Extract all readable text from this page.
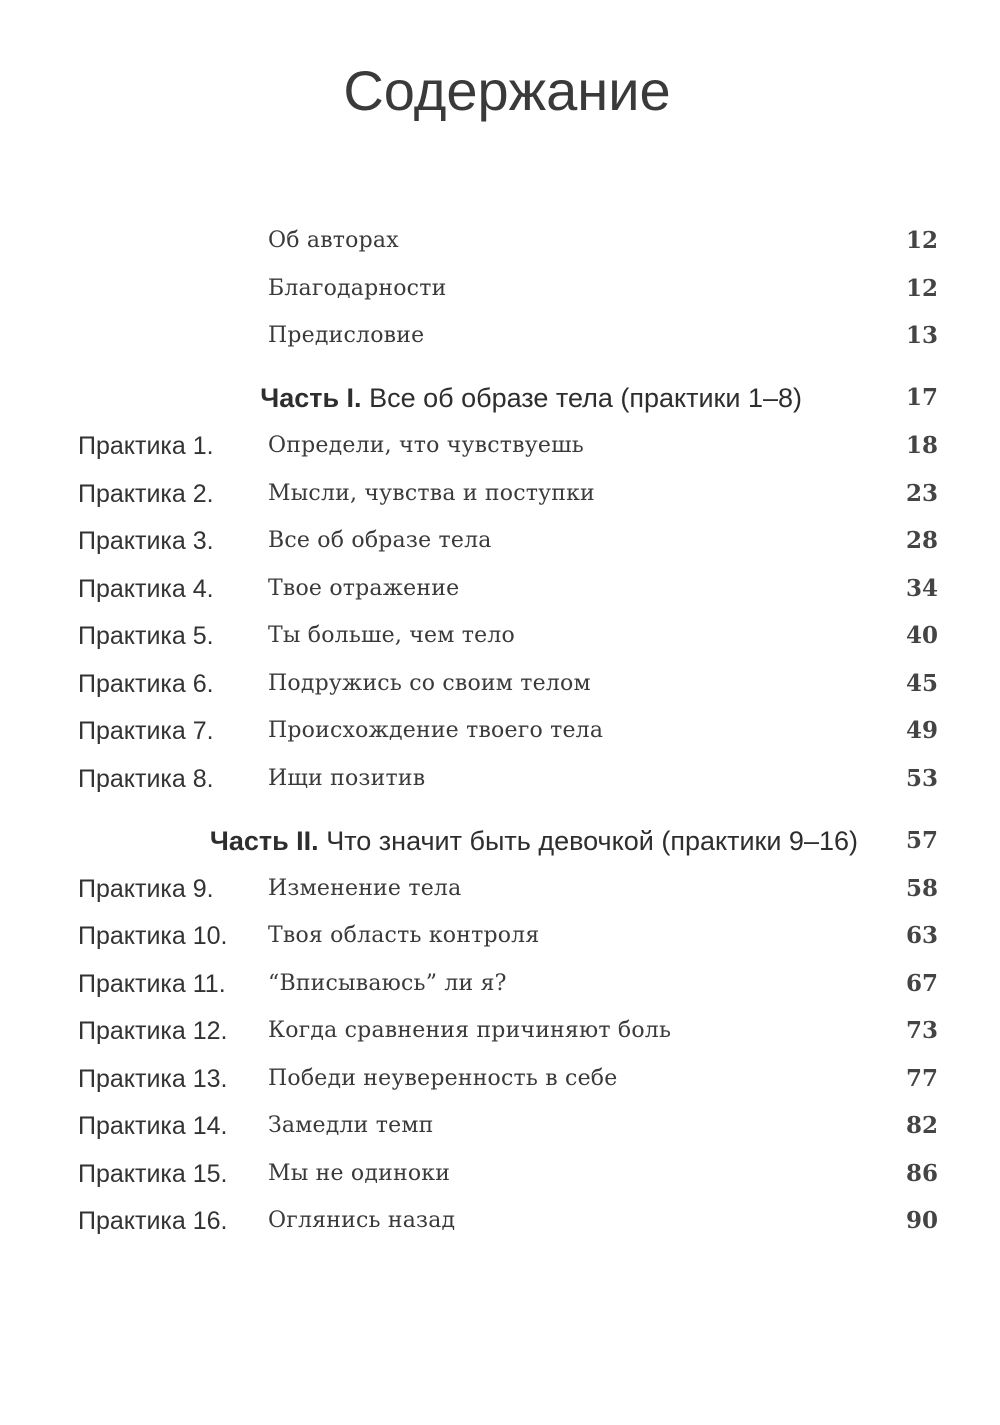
Содержание
Об авторах	12
Благодарности	12
Предисловие	13
Часть I. Все об образе тела (практики 1–8)	17
Практика 1. Определи, что чувствуешь	18
Практика 2. Мысли, чувства и поступки	23
Практика 3. Все об образе тела	28
Практика 4. Твое отражение	34
Практика 5. Ты больше, чем тело	40
Практика 6. Подружись со своим телом	45
Практика 7. Происхождение твоего тела	49
Практика 8. Ищи позитив	53
Часть II. Что значит быть девочкой (практики 9–16) 57
Практика 9. Изменение тела	58
Практика 10. Твоя область контроля	63
Практика 11. “Вписываюсь” ли я?	67
Практика 12. Когда сравнения причиняют боль	73
Практика 13. Победи неуверенность в себе	77
Практика 14. Замедли темп	82
Практика 15. Мы не одиноки	86
Практика 16. Оглянись назад	90
